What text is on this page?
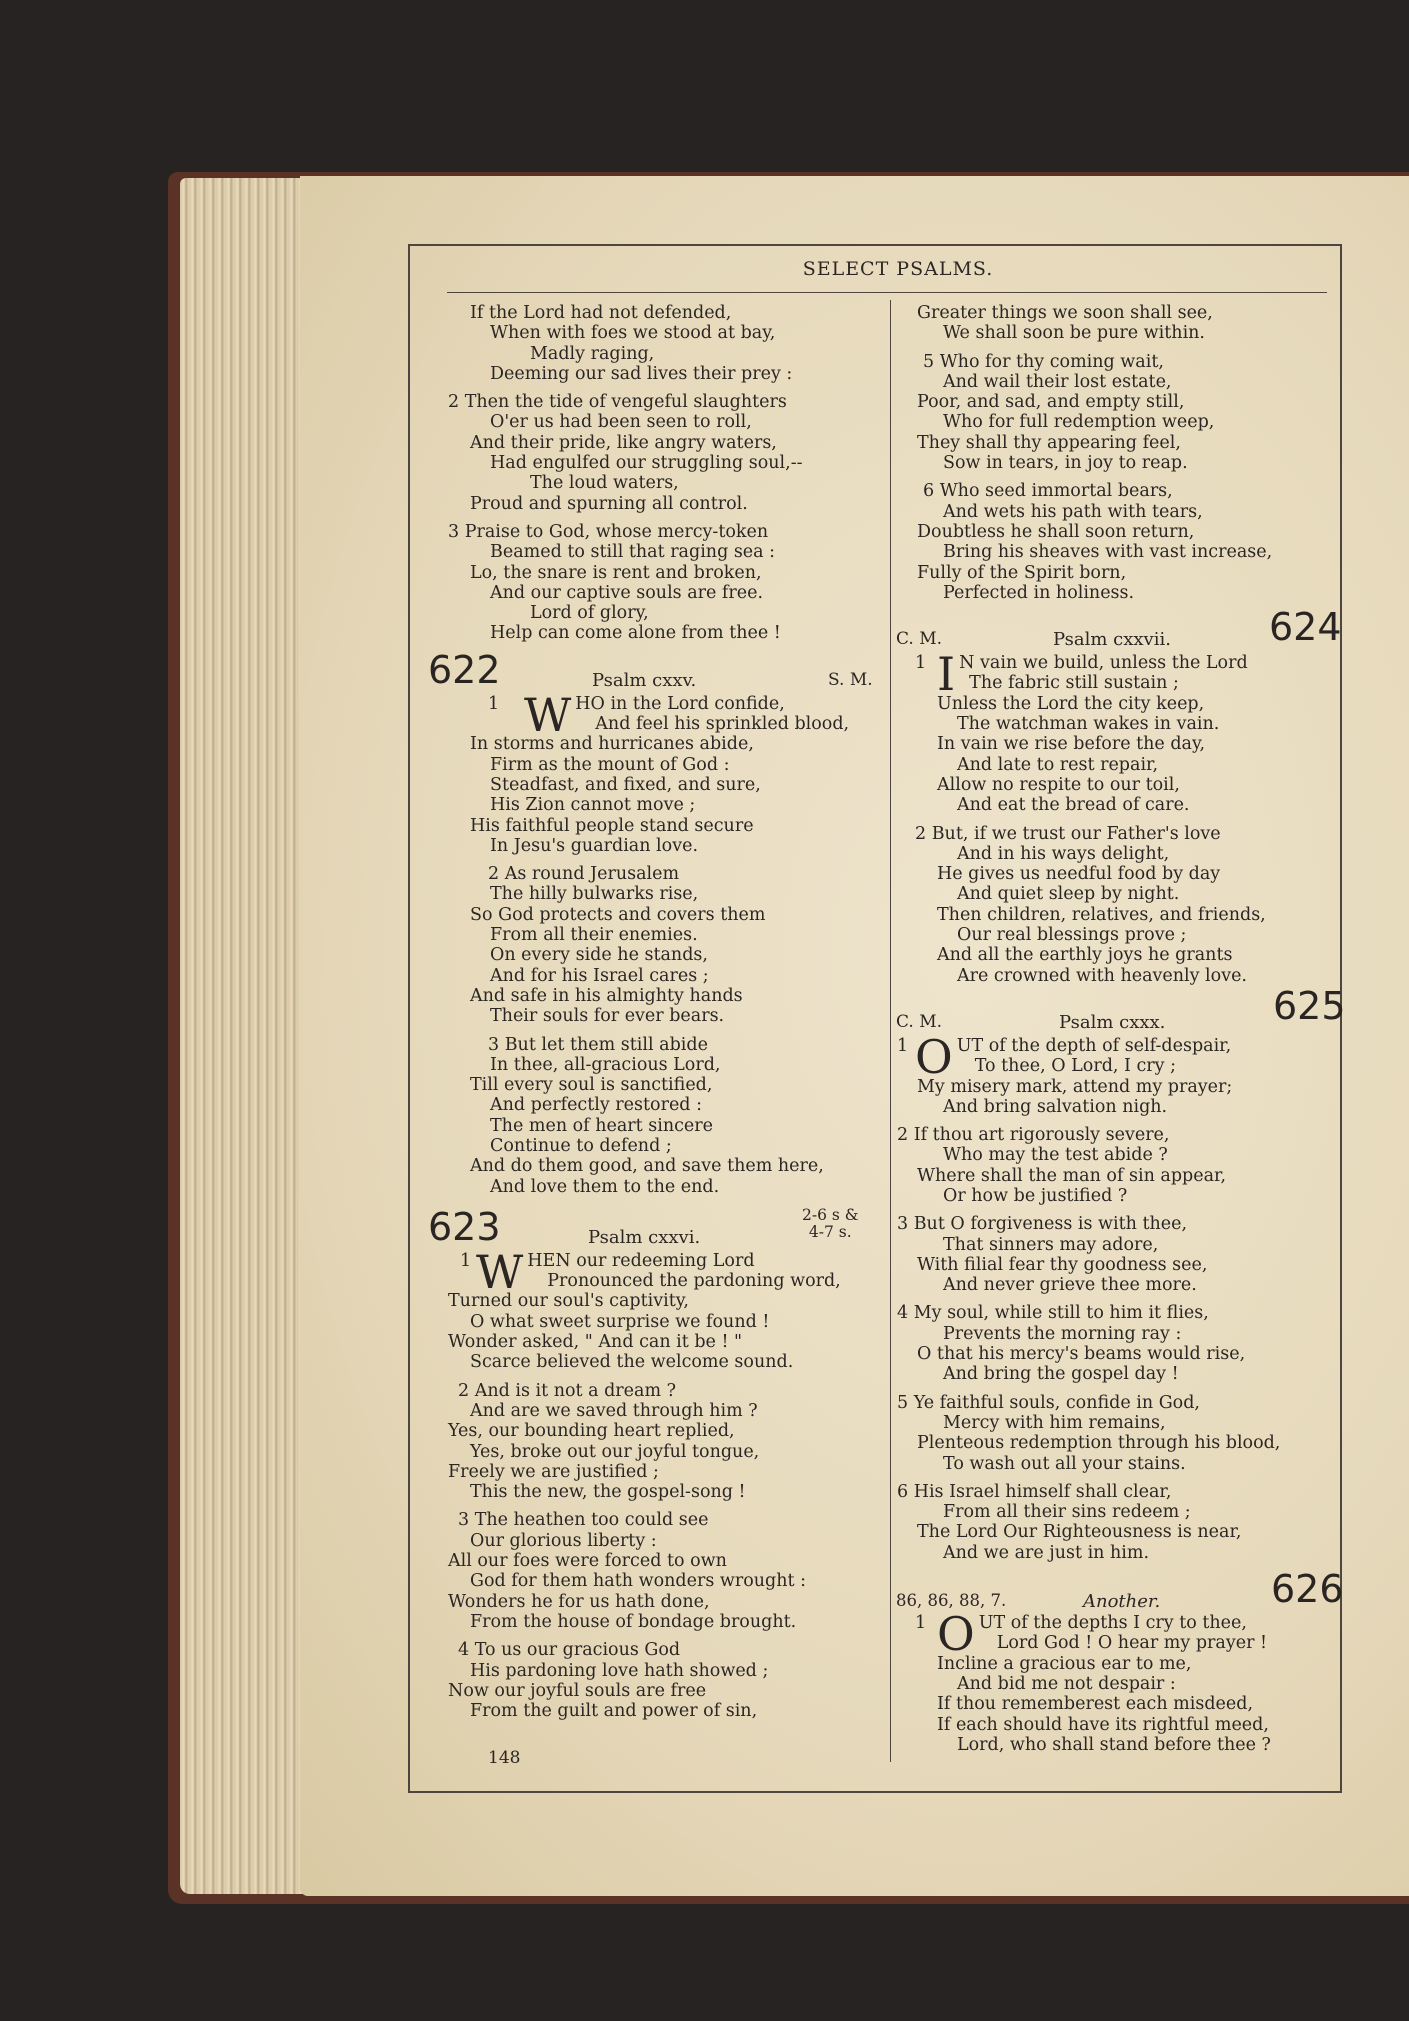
SELECT PSALMS.
If the Lord had not defended,
When with foes we stood at bay,
Madly raging,
Deeming our sad lives their prey :
2 Then the tide of vengeful slaughters
O'er us had been seen to roll,
And their pride, like angry waters,
Had engulfed our struggling soul,--
The loud waters,
Proud and spurning all control.
3 Praise to God, whose mercy-token
Beamed to still that raging sea :
Lo, the snare is rent and broken,
And our captive souls are free.
Lord of glory,
Help can come alone from thee !
622	Psalm cxxv.	S. M.
1 W HO in the Lord confide,
And feel his sprinkled blood,
In storms and hurricanes abide,
Firm as the mount of God :
Steadfast, and fixed, and sure,
His Zion cannot move ;
His faithful people stand secure
In Jesu's guardian love.
2 As round Jerusalem
The hilly bulwarks rise,
So God protects and covers them
From all their enemies.
On every side he stands,
And for his Israel cares ;
And safe in his almighty hands
Their souls for ever bears.
3 But let them still abide
In thee, all-gracious Lord,
Till every soul is sanctified,
And perfectly restored :
The men of heart sincere
Continue to defend ;
And do them good, and save them here,
And love them to the end.
623	Psalm cxxvi.
2-6 s &
4-7 s.
1 W HEN our redeeming Lord
Pronounced the pardoning word,
Turned our soul's captivity,
O what sweet surprise we found !
Wonder asked, " And can it be ! "
Scarce believed the welcome sound.
2 And is it not a dream ?
And are we saved through him ?
Yes, our bounding heart replied,
Yes, broke out our joyful tongue,
Freely we are justified ;
This the new, the gospel-song !
3 The heathen too could see
Our glorious liberty :
All our foes were forced to own
God for them hath wonders wrought :
Wonders he for us hath done,
From the house of bondage brought.
4 To us our gracious God
His pardoning love hath showed ;
Now our joyful souls are free
From the guilt and power of sin,
148
Greater things we soon shall see,
We shall soon be pure within.
5 Who for thy coming wait,
And wail their lost estate,
Poor, and sad, and empty still,
Who for full redemption weep,
They shall thy appearing feel,
Sow in tears, in joy to reap.
6 Who seed immortal bears,
And wets his path with tears,
Doubtless he shall soon return,
Bring his sheaves with vast increase,
Fully of the Spirit born,
Perfected in holiness.
C. M.	Psalm cxxvii.	624
1 I N vain we build, unless the Lord
The fabric still sustain ;
Unless the Lord the city keep,
The watchman wakes in vain.
In vain we rise before the day,
And late to rest repair,
Allow no respite to our toil,
And eat the bread of care.
2 But, if we trust our Father's love
And in his ways delight,
He gives us needful food by day
And quiet sleep by night.
Then children, relatives, and friends,
Our real blessings prove ;
And all the earthly joys he grants
Are crowned with heavenly love.
C. M.	Psalm cxxx.	625
1 O UT of the depth of self-despair,
To thee, O Lord, I cry ;
My misery mark, attend my prayer;
And bring salvation nigh.
2 If thou art rigorously severe,
Who may the test abide ?
Where shall the man of sin appear,
Or how be justified ?
3 But O forgiveness is with thee,
That sinners may adore,
With filial fear thy goodness see,
And never grieve thee more.
4 My soul, while still to him it flies,
Prevents the morning ray :
O that his mercy's beams would rise,
And bring the gospel day !
5 Ye faithful souls, confide in God,
Mercy with him remains,
Plenteous redemption through his blood,
To wash out all your stains.
6 His Israel himself shall clear,
From all their sins redeem ;
The Lord Our Righteousness is near,
And we are just in him.
86, 86, 88, 7.	Another.	626
1 O UT of the depths I cry to thee,
Lord God ! O hear my prayer !
Incline a gracious ear to me,
And bid me not despair :
If thou rememberest each misdeed,
If each should have its rightful meed,
Lord, who shall stand before thee ?
